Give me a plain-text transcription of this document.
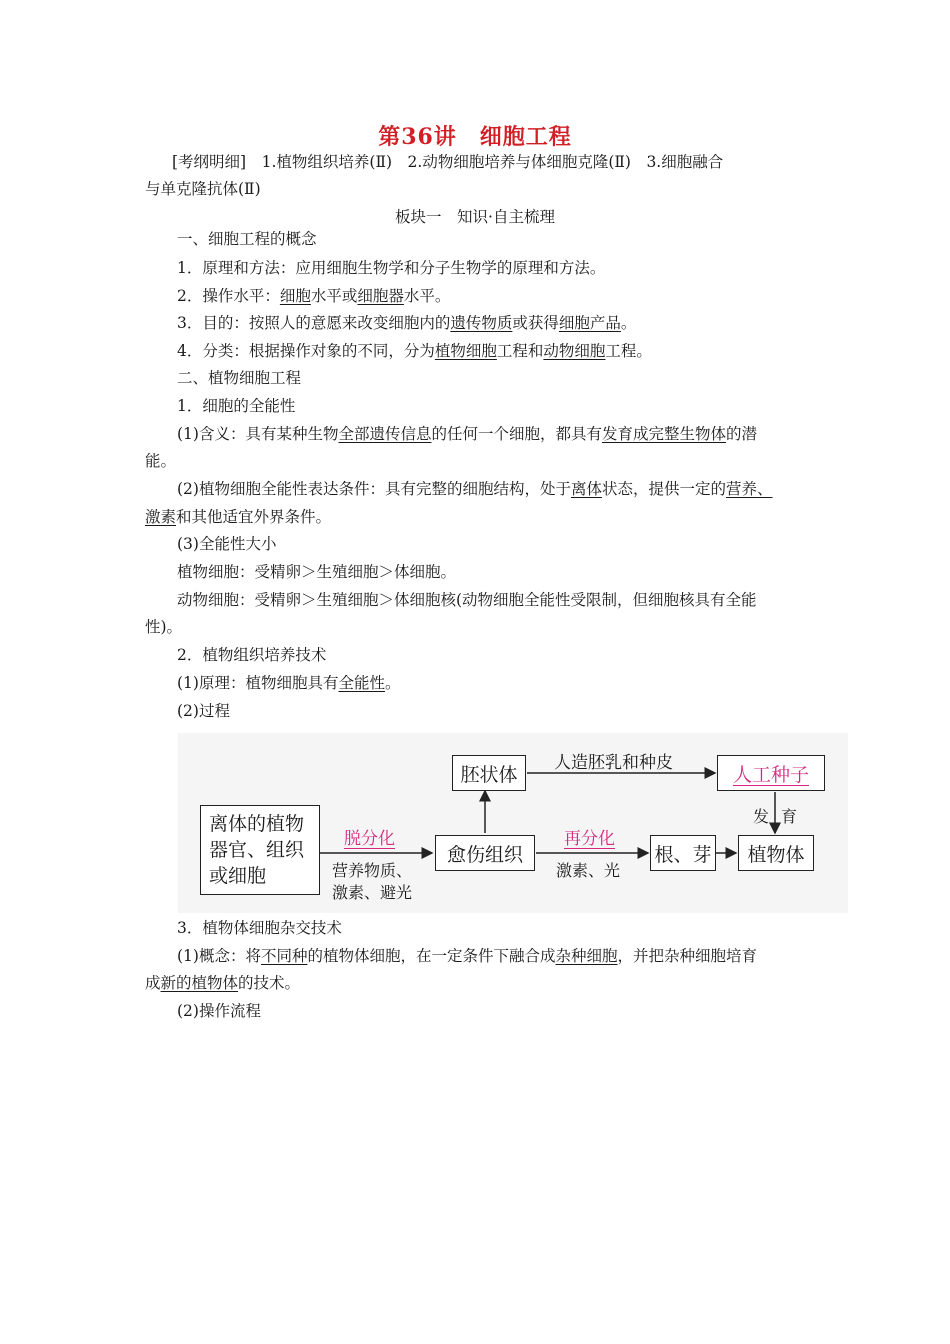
第36讲　细胞工程
[考纲明细]　1.植物组织培养(Ⅱ)　2.动物细胞培养与体细胞克隆(Ⅱ)　3.细胞融合
与单克隆抗体(Ⅱ)
板块一　知识·自主梳理
一、细胞工程的概念
1．原理和方法：应用细胞生物学和分子生物学的原理和方法。
2．操作水平：细胞水平或细胞器水平。
3．目的：按照人的意愿来改变细胞内的遗传物质或获得细胞产品。
4．分类：根据操作对象的不同，分为植物细胞工程和动物细胞工程。
二、植物细胞工程
1．细胞的全能性
(1)含义：具有某种生物全部遗传信息的任何一个细胞，都具有发育成完整生物体的潜
能。
(2)植物细胞全能性表达条件：具有完整的细胞结构，处于离体状态，提供一定的营养、
激素和其他适宜外界条件。
(3)全能性大小
植物细胞：受精卵＞生殖细胞＞体细胞。
动物细胞：受精卵＞生殖细胞＞体细胞核(动物细胞全能性受限制，但细胞核具有全能
性)。
2．植物组织培养技术
(1)原理：植物细胞具有全能性。
(2)过程
离体的植物
器官、组织
或细胞
脱分化
营养物质、
激素、避光
愈伤组织
胚状体
人造胚乳和种皮
人工种子
发 育
再分化
激素、光
根、芽	植物体
3．植物体细胞杂交技术
(1)概念：将不同种的植物体细胞，在一定条件下融合成杂种细胞，并把杂种细胞培育
成新的植物体的技术。
(2)操作流程
